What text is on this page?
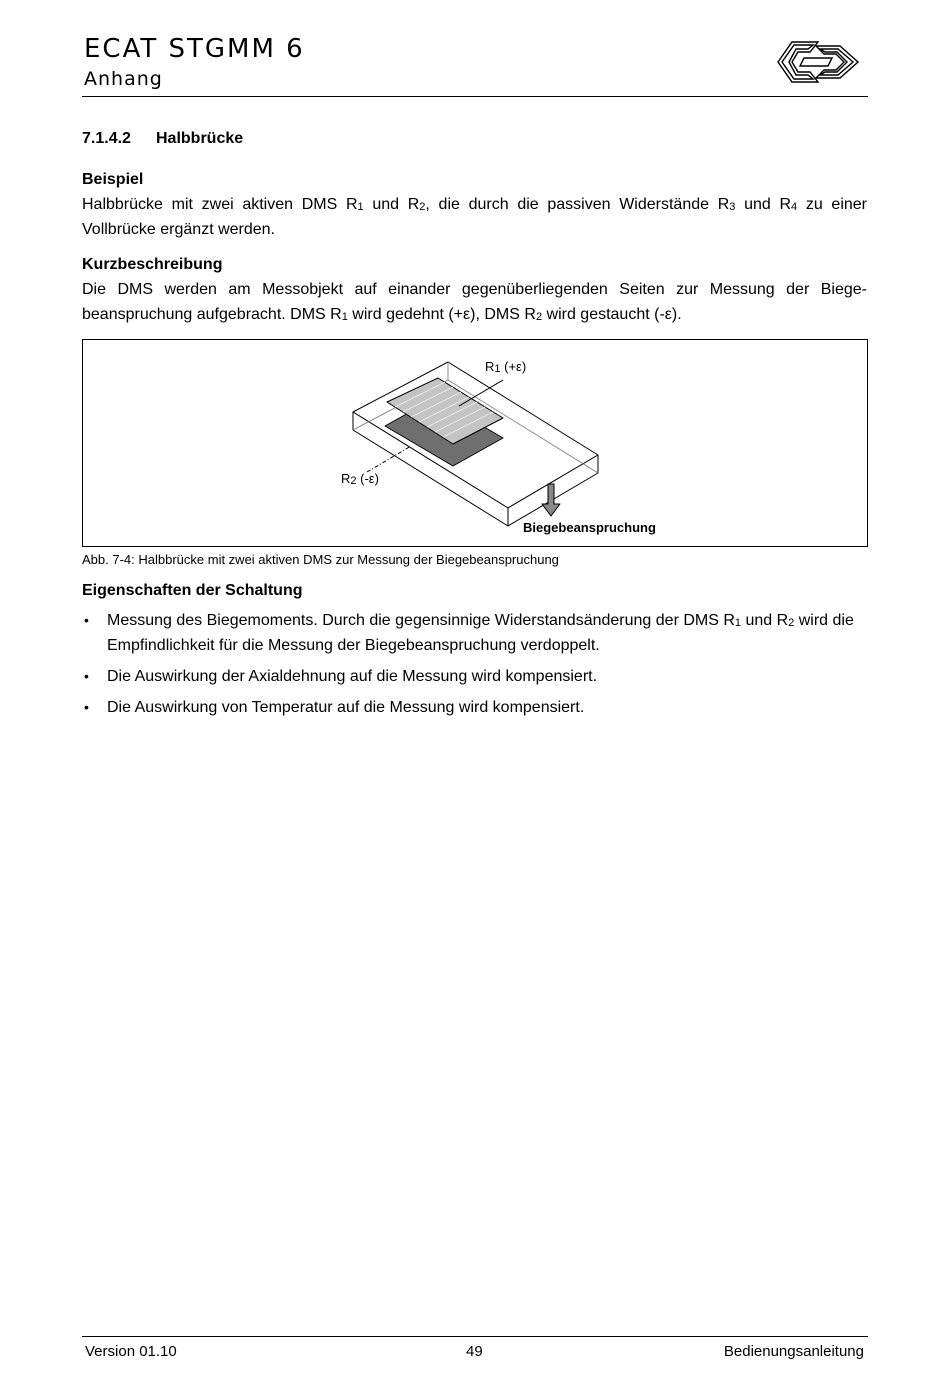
ECAT STGMM 6
Anhang
7.1.4.2	Halbbrücke
Beispiel
Halbbrücke mit zwei aktiven DMS $R_1$ und $R_2$, die durch die passiven Widerstände $R_3$ und $R_4$ zu einer Vollbrücke ergänzt werden.
Kurzbeschreibung
Die DMS werden am Messobjekt auf einander gegenüberliegenden Seiten zur Messung der Biegebeanspruchung aufgebracht. DMS $R_1$ wird gedehnt (+ε), DMS $R_2$ wird gestaucht (-ε).
$R_1$ (+ε)
$R_2$ (-ε)
Biegebeanspruchung
Abb. 7-4: Halbbrücke mit zwei aktiven DMS zur Messung der Biegebeanspruchung
Eigenschaften der Schaltung
• Messung des Biegemoments. Durch die gegensinnige Widerstandsänderung der DMS $R_1$ und $R_2$ wird die Empfindlichkeit für die Messung der Biegebeanspruchung verdoppelt.
• Die Auswirkung der Axialdehnung auf die Messung wird kompensiert.
• Die Auswirkung von Temperatur auf die Messung wird kompensiert.
Version 01.10	49	Bedienungsanleitung
